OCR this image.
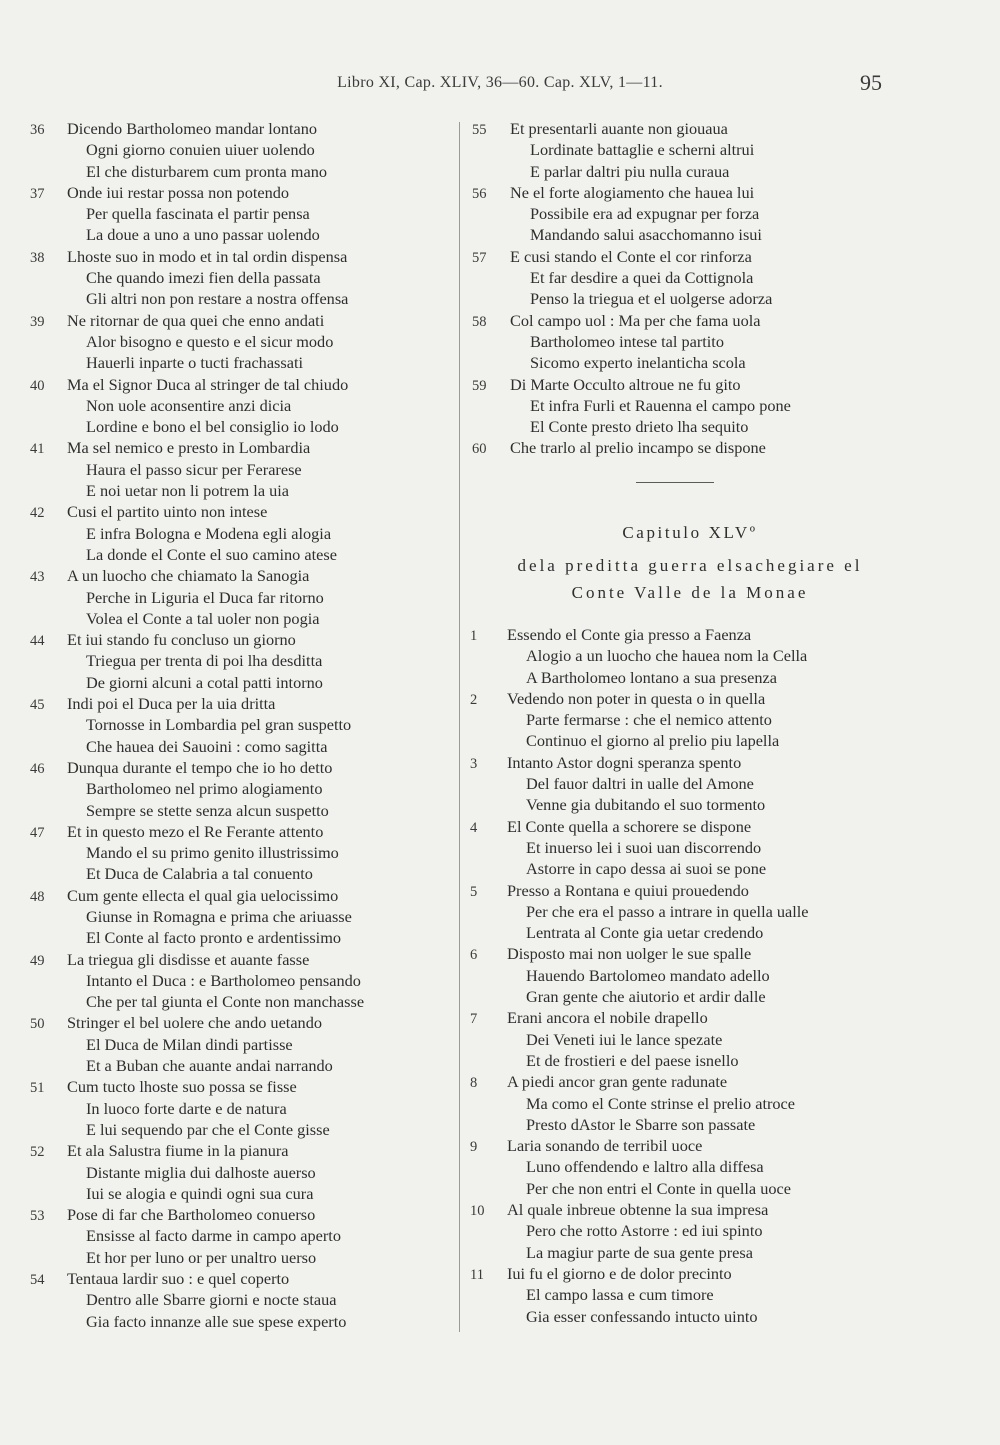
Libro XI, Cap. XLIV, 36—60. Cap. XLV, 1—11.	95
36	Dicendo Bartholomeo mandar lontano
Ogni giorno conuien uiuer uolendo
El che disturbarem cum pronta mano
37	Onde iui restar possa non potendo
Per quella fascinata el partir pensa
La doue a uno a uno passar uolendo
38	Lhoste suo in modo et in tal ordin dispensa
Che quando imezi fien della passata
Gli altri non pon restare a nostra offensa
39	Ne ritornar de qua quei che enno andati
Alor bisogno e questo e el sicur modo
Hauerli inparte o tucti frachassati
40	Ma el Signor Duca al stringer de tal chiudo
Non uole aconsentire anzi dicia
Lordine e bono el bel consiglio io lodo
41	Ma sel nemico e presto in Lombardia
Haura el passo sicur per Ferarese
E noi uetar non li potrem la uia
42	Cusi el partito uinto non intese
E infra Bologna e Modena egli alogia
La donde el Conte el suo camino atese
43	A un luocho che chiamato la Sanogia
Perche in Liguria el Duca far ritorno
Volea el Conte a tal uoler non pogia
44	Et iui stando fu concluso un giorno
Triegua per trenta di poi lha desditta
De giorni alcuni a cotal patti intorno
45	Indi poi el Duca per la uia dritta
Tornosse in Lombardia pel gran suspetto
Che hauea dei Sauoini : como sagitta
46	Dunqua durante el tempo che io ho detto
Bartholomeo nel primo alogiamento
Sempre se stette senza alcun suspetto
47	Et in questo mezo el Re Ferante attento
Mando el su primo genito illustrissimo
Et Duca de Calabria a tal conuento
48	Cum gente ellecta el qual gia uelocissimo
Giunse in Romagna e prima che ariuasse
El Conte al facto pronto e ardentissimo
49	La triegua gli disdisse et auante fasse
Intanto el Duca : e Bartholomeo pensando
Che per tal giunta el Conte non manchasse
50	Stringer el bel uolere che ando uetando
El Duca de Milan dindi partisse
Et a Buban che auante andai narrando
51	Cum tucto lhoste suo possa se fisse
In luoco forte darte e de natura
E lui sequendo par che el Conte gisse
52	Et ala Salustra fiume in la pianura
Distante miglia dui dalhoste auerso
Iui se alogia e quindi ogni sua cura
53	Pose di far che Bartholomeo conuerso
Ensisse al facto darme in campo aperto
Et hor per luno or per unaltro uerso
54	Tentaua lardir suo : e quel coperto
Dentro alle Sbarre giorni e nocte staua
Gia facto innanze alle sue spese experto
55	Et presentarli auante non giouaua
Lordinate battaglie e scherni altrui
E parlar daltri piu nulla curaua
56	Ne el forte alogiamento che hauea lui
Possibile era ad expugnar per forza
Mandando salui asacchomanno isui
57	E cusi stando el Conte el cor rinforza
Et far desdire a quei da Cottignola
Penso la triegua et el uolgerse adorza
58	Col campo uol : Ma per che fama uola
Bartholomeo intese tal partito
Sicomo experto inelanticha scola
59	Di Marte Occulto altroue ne fu gito
Et infra Furli et Rauenna el campo pone
El Conte presto drieto lha sequito
60	Che trarlo al prelio incampo se dispone
Capitulo XLVº
dela preditta guerra elsachegiare el
Conte Valle de la Monae
1	Essendo el Conte gia presso a Faenza
Alogio a un luocho che hauea nom la Cella
A Bartholomeo lontano a sua presenza
2	Vedendo non poter in questa o in quella
Parte fermarse : che el nemico attento
Continuo el giorno al prelio piu lapella
3	Intanto Astor dogni speranza spento
Del fauor daltri in ualle del Amone
Venne gia dubitando el suo tormento
4	El Conte quella a schorere se dispone
Et inuerso lei i suoi uan discorrendo
Astorre in capo dessa ai suoi se pone
5	Presso a Rontana e quiui prouedendo
Per che era el passo a intrare in quella ualle
Lentrata al Conte gia uetar credendo
6	Disposto mai non uolger le sue spalle
Hauendo Bartolomeo mandato adello
Gran gente che aiutorio et ardir dalle
7	Erani ancora el nobile drapello
Dei Veneti iui le lance spezate
Et de frostieri e del paese isnello
8	A piedi ancor gran gente radunate
Ma como el Conte strinse el prelio atroce
Presto dAstor le Sbarre son passate
9	Laria sonando de terribil uoce
Luno offendendo e laltro alla diffesa
Per che non entri el Conte in quella uoce
10	Al quale inbreue obtenne la sua impresa
Pero che rotto Astorre : ed iui spinto
La magiur parte de sua gente presa
11	Iui fu el giorno e de dolor precinto
El campo lassa e cum timore
Gia esser confessando intucto uinto
